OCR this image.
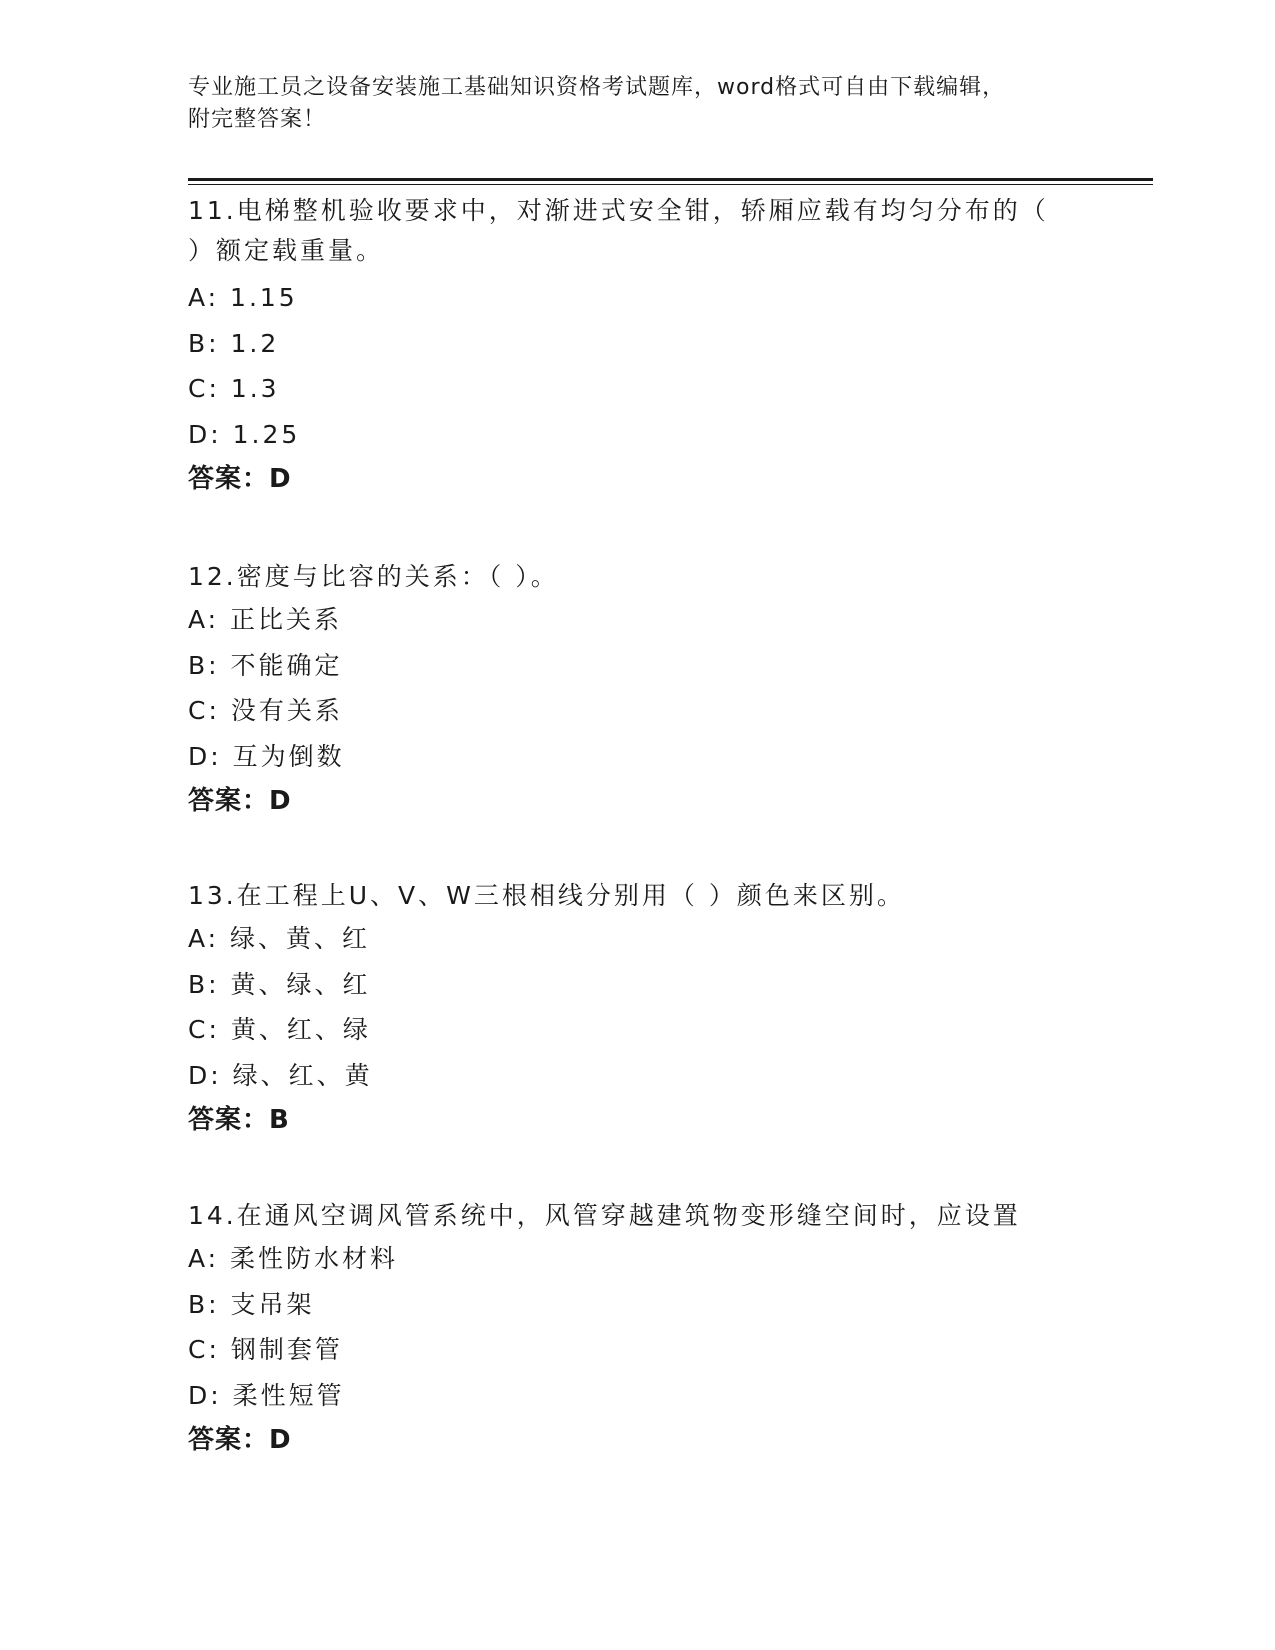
专业施工员之设备安装施工基础知识资格考试题库，word格式可自由下载编辑，
附完整答案！
11.电梯整机验收要求中，对渐进式安全钳，轿厢应载有均匀分布的（
）额定载重量。
A: 1.15
B: 1.2
C: 1.3
D: 1.25
答案：D
12.密度与比容的关系：（ ）。
A: 正比关系
B: 不能确定
C: 没有关系
D: 互为倒数
答案：D
13.在工程上U、V、W三根相线分别用（ ）颜色来区别。
A: 绿、黄、红
B: 黄、绿、红
C: 黄、红、绿
D: 绿、红、黄
答案：B
14.在通风空调风管系统中，风管穿越建筑物变形缝空间时，应设置
A: 柔性防水材料
B: 支吊架
C: 钢制套管
D: 柔性短管
答案：D
